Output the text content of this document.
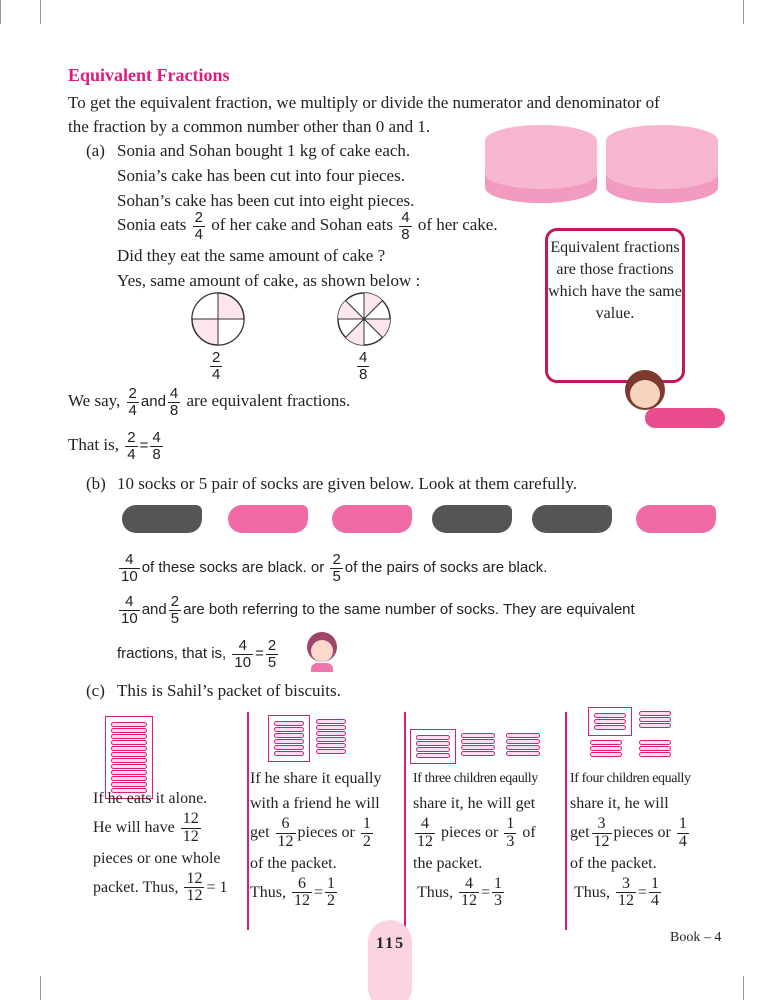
Equivalent Fractions
To get the equivalent fraction, we multiply or divide the numerator and denominator of
the fraction by a common number other than 0 and 1.
(a) Sonia and Sohan bought 1 kg of cake each.
Sonia’s cake has been cut into four pieces.
Sohan’s cake has been cut into eight pieces.
Sonia eats $\frac{2}{4}$ of her cake and Sohan eats $\frac{4}{8}$ of her cake.
Did they eat the same amount of cake ?
Yes, same amount of cake, as shown below :
$\frac{2}{4}$	$\frac{4}{8}$
We say, $\frac{2}{4}$ and $\frac{4}{8}$ are equivalent fractions.
That is, $\frac{2}{4} = \frac{4}{8}$
Equivalent fractions are those fractions which have the same value.
(b) 10 socks or 5 pair of socks are given below. Look at them carefully.
$\frac{4}{10}$ of these socks are black. or $\frac{2}{5}$ of the pairs of socks are black.
$\frac{4}{10}$ and $\frac{2}{5}$ are both referring to the same number of socks. They are equivalent
fractions, that is, $\frac{4}{10} = \frac{2}{5}$
(c) This is Sahil’s packet of biscuits.
If he eats it alone.
He will have $\frac{12}{12}$
pieces or one whole
packet. Thus, $\frac{12}{12} = 1$
If he share it equally
with a friend he will
get $\frac{6}{12}$ pieces or $\frac{1}{2}$
of the packet.
Thus, $\frac{6}{12} = \frac{1}{2}$
If three children eqaully
share it, he will get
$\frac{4}{12}$ pieces or $\frac{1}{3}$ of
the packet.
Thus, $\frac{4}{12} = \frac{1}{3}$
If four children equally
share it, he will
get $\frac{3}{12}$ pieces or $\frac{1}{4}$
of the packet.
Thus, $\frac{3}{12} = \frac{1}{4}$
115	Book – 4
